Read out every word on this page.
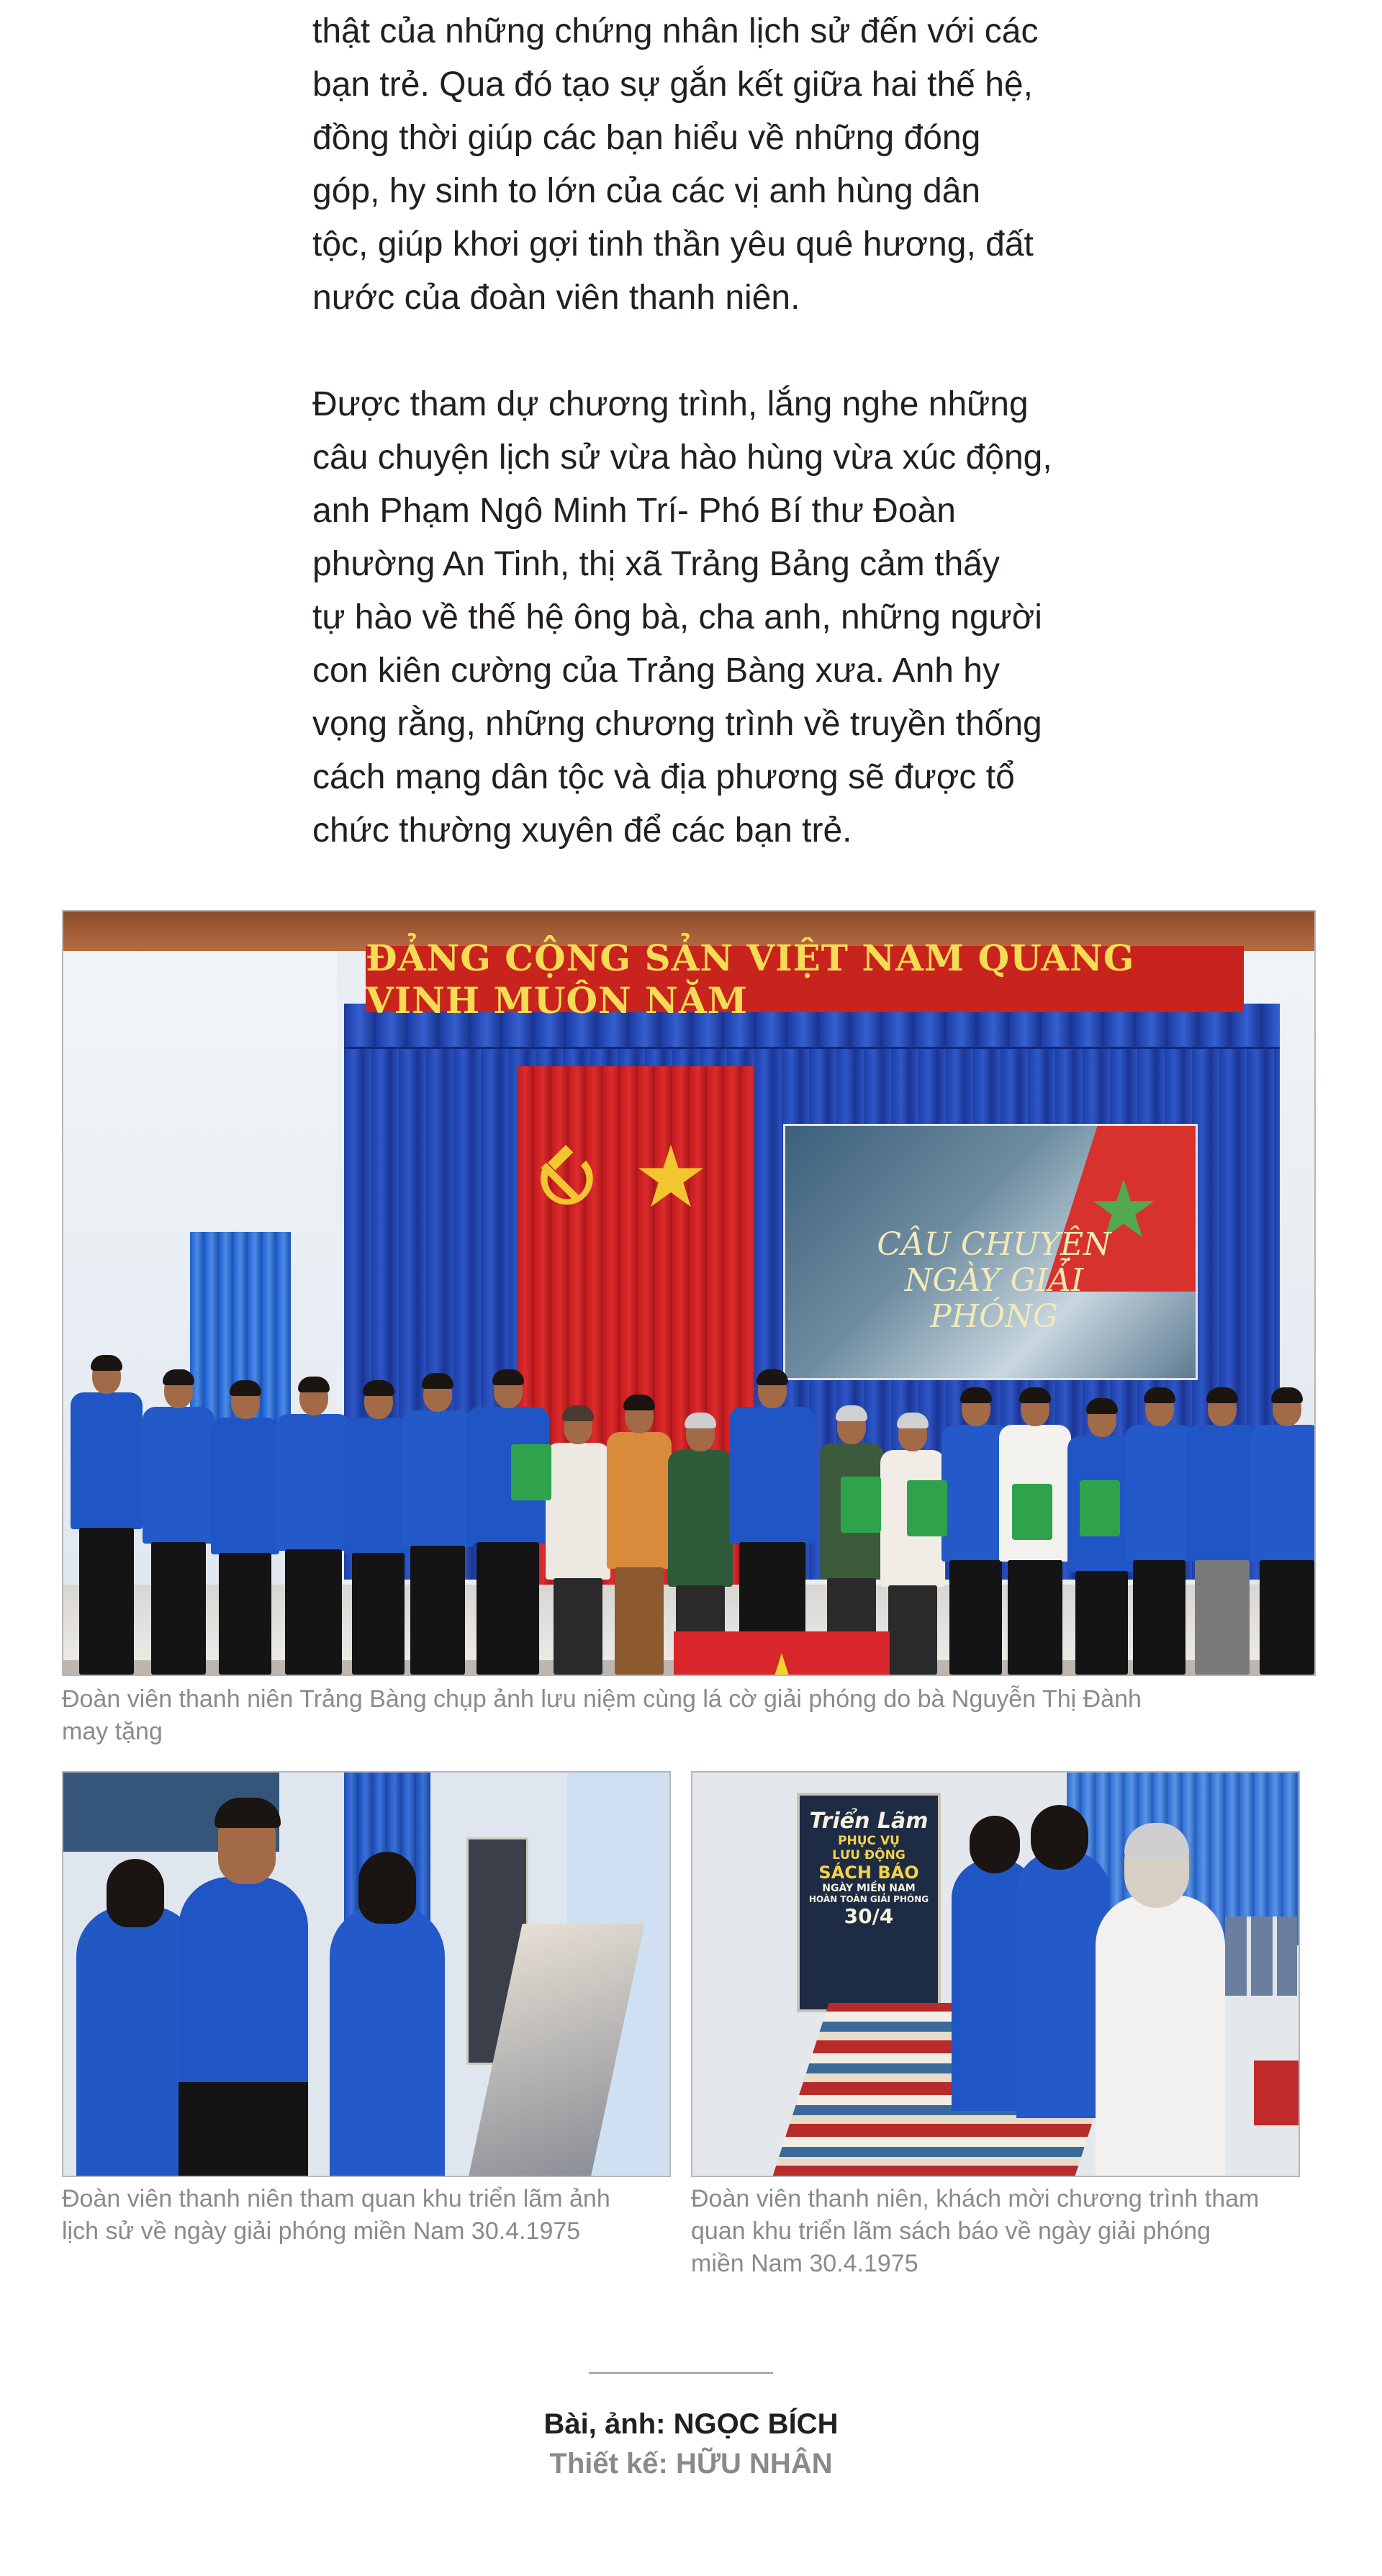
thật của những chứng nhân lịch sử đến với các
bạn trẻ. Qua đó tạo sự gắn kết giữa hai thế hệ,
đồng thời giúp các bạn hiểu về những đóng
góp, hy sinh to lớn của các vị anh hùng dân
tộc, giúp khơi gợi tinh thần yêu quê hương, đất
nước của đoàn viên thanh niên.

Được tham dự chương trình, lắng nghe những
câu chuyện lịch sử vừa hào hùng vừa xúc động,
anh Phạm Ngô Minh Trí- Phó Bí thư Đoàn
phường An Tinh, thị xã Trảng Bảng cảm thấy
tự hào về thế hệ ông bà, cha anh, những người
con kiên cường của Trảng Bàng xưa. Anh hy
vọng rằng, những chương trình về truyền thống
cách mạng dân tộc và địa phương sẽ được tổ
chức thường xuyên để các bạn trẻ.

ĐẢNG CỘNG SẢN VIỆT NAM QUANG VINH MUÔN NĂM
CÂU CHUYỆN NGÀY GIẢI PHÓNG

Đoàn viên thanh niên Trảng Bàng chụp ảnh lưu niệm cùng lá cờ giải phóng do bà Nguyễn Thị Đành
may tặng

Đoàn viên thanh niên tham quan khu triển lãm ảnh
lịch sử về ngày giải phóng miền Nam 30.4.1975

Triển Lãm
PHỤC VỤ
LƯU ĐỘNG
SÁCH BÁO
NGÀY MIỀN NAM
HOÀN TOÀN GIẢI PHÓNG
30/4

Đoàn viên thanh niên, khách mời chương trình tham
quan khu triển lãm sách báo về ngày giải phóng
miền Nam 30.4.1975

Bài, ảnh: NGỌC BÍCH
Thiết kế: HỮU NHÂN
